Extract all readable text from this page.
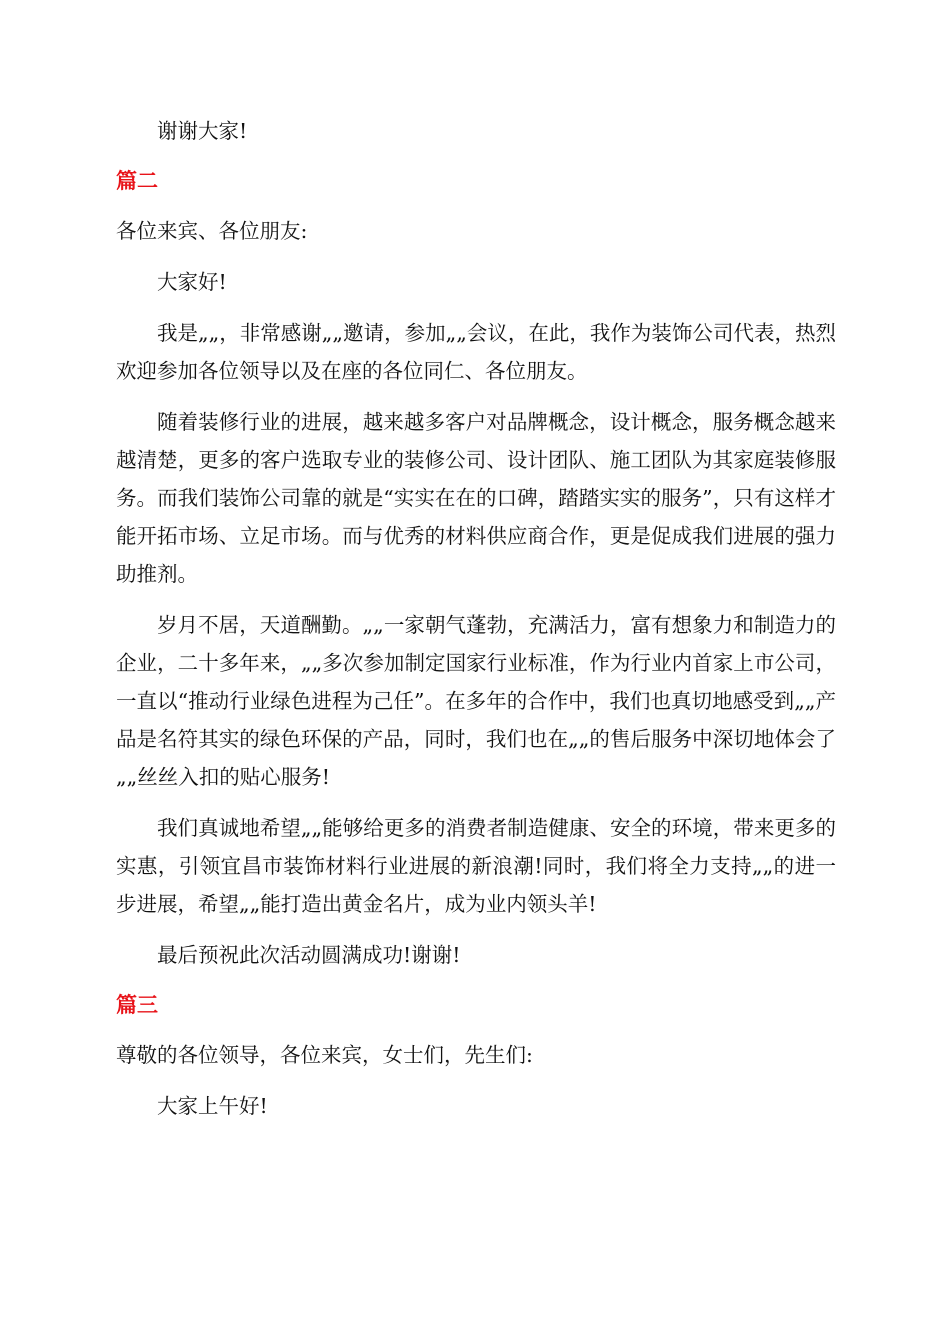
谢谢大家!

篇二

各位来宾、各位朋友:

大家好!

我是„„，非常感谢„„邀请，参加„„会议，在此，我作为装饰公司代表，热烈欢迎参加各位领导以及在座的各位同仁、各位朋友。

随着装修行业的进展，越来越多客户对品牌概念，设计概念，服务概念越来越清楚，更多的客户选取专业的装修公司、设计团队、施工团队为其家庭装修服务。而我们装饰公司靠的就是“实实在在的口碑，踏踏实实的服务”，只有这样才能开拓市场、立足市场。而与优秀的材料供应商合作，更是促成我们进展的强力助推剂。

岁月不居，天道酬勤。„„一家朝气蓬勃，充满活力，富有想象力和制造力的企业，二十多年来，„„多次参加制定国家行业标准，作为行业内首家上市公司，一直以“推动行业绿色进程为己任”。在多年的合作中，我们也真切地感受到„„产品是名符其实的绿色环保的产品，同时，我们也在„„的售后服务中深切地体会了„„丝丝入扣的贴心服务!

我们真诚地希望„„能够给更多的消费者制造健康、安全的环境，带来更多的实惠，引领宜昌市装饰材料行业进展的新浪潮!同时，我们将全力支持„„的进一步进展，希望„„能打造出黄金名片，成为业内领头羊!

最后预祝此次活动圆满成功!谢谢!

篇三

尊敬的各位领导，各位来宾，女士们，先生们:

大家上午好!
